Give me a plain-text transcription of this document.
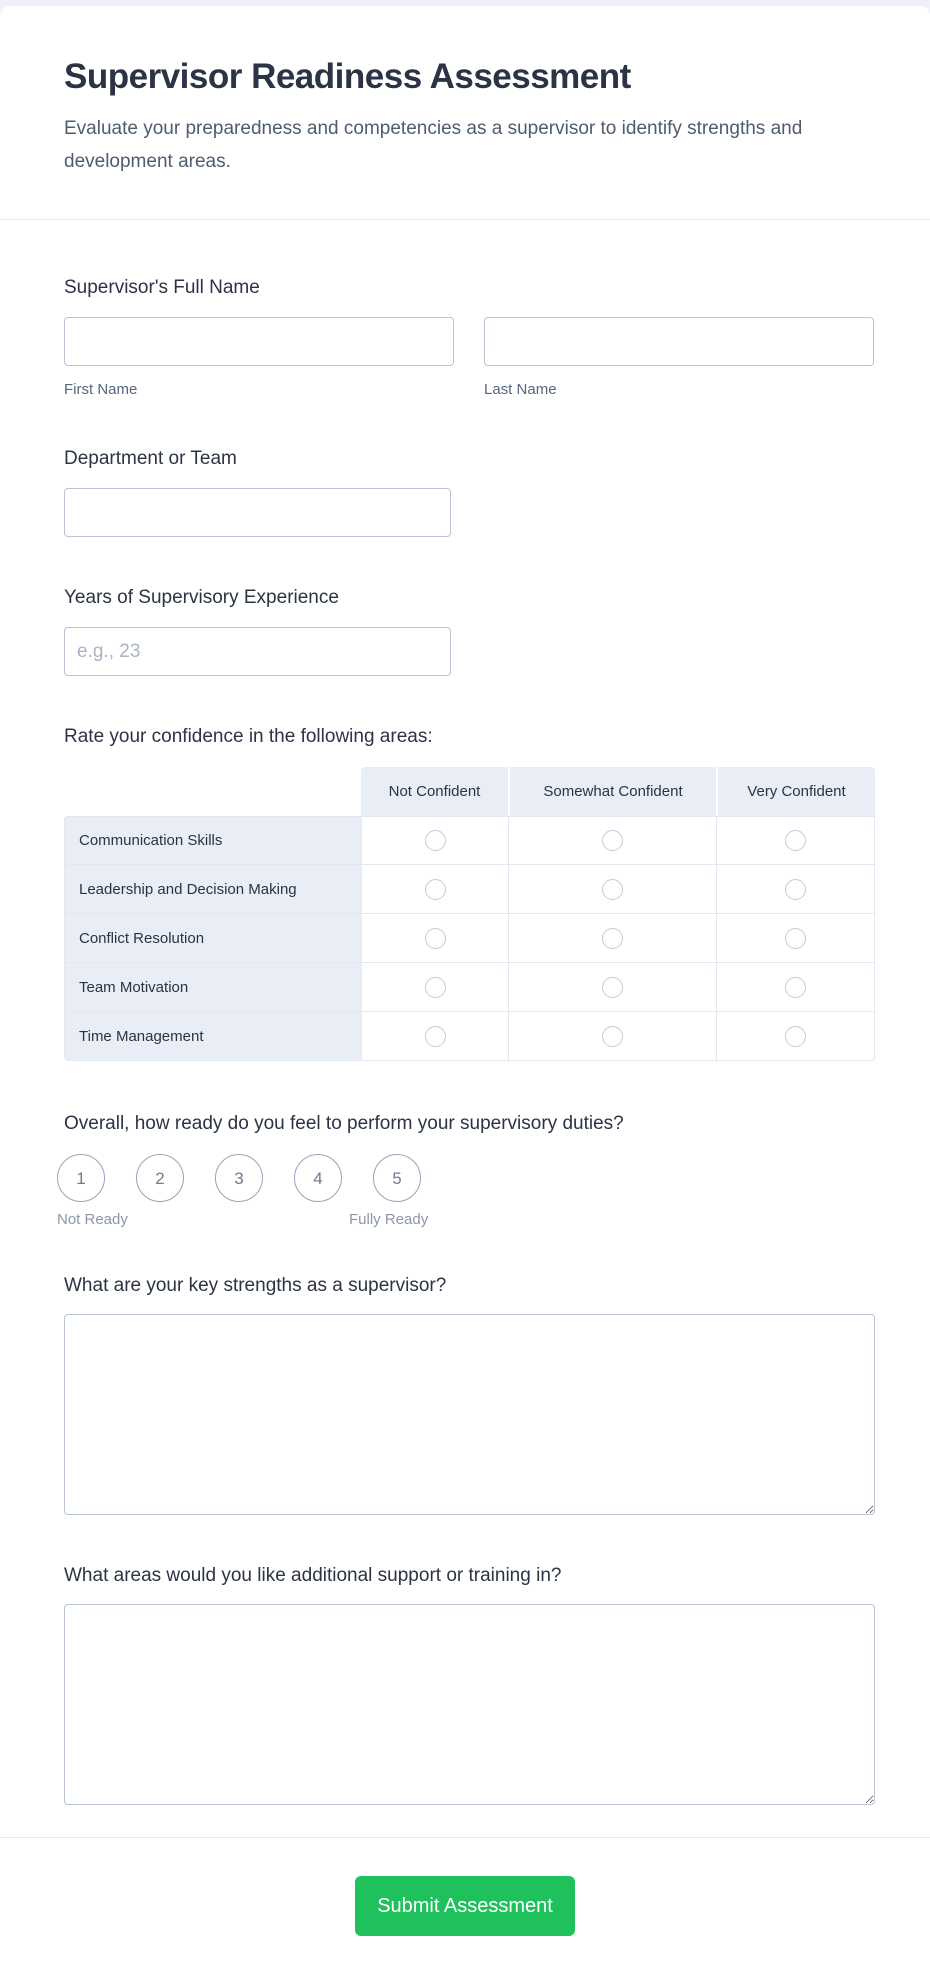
Supervisor Readiness Assessment

Evaluate your preparedness and competencies as a supervisor to identify strengths and development areas.

Supervisor's Full Name
First Name	Last Name
Department or Team
Years of Supervisory Experience
e.g., 23
Rate your confidence in the following areas:
	Not Confident	Somewhat Confident	Very Confident
Communication Skills	

Leadership and Decision Making	

Conflict Resolution	

Team Motivation	

Time Management	

Overall, how ready do you feel to perform your supervisory duties?
1	2	3	4	5
Not Ready	Fully Ready
What are your key strengths as a supervisor?
What areas would you like additional support or training in?
Submit Assessment
